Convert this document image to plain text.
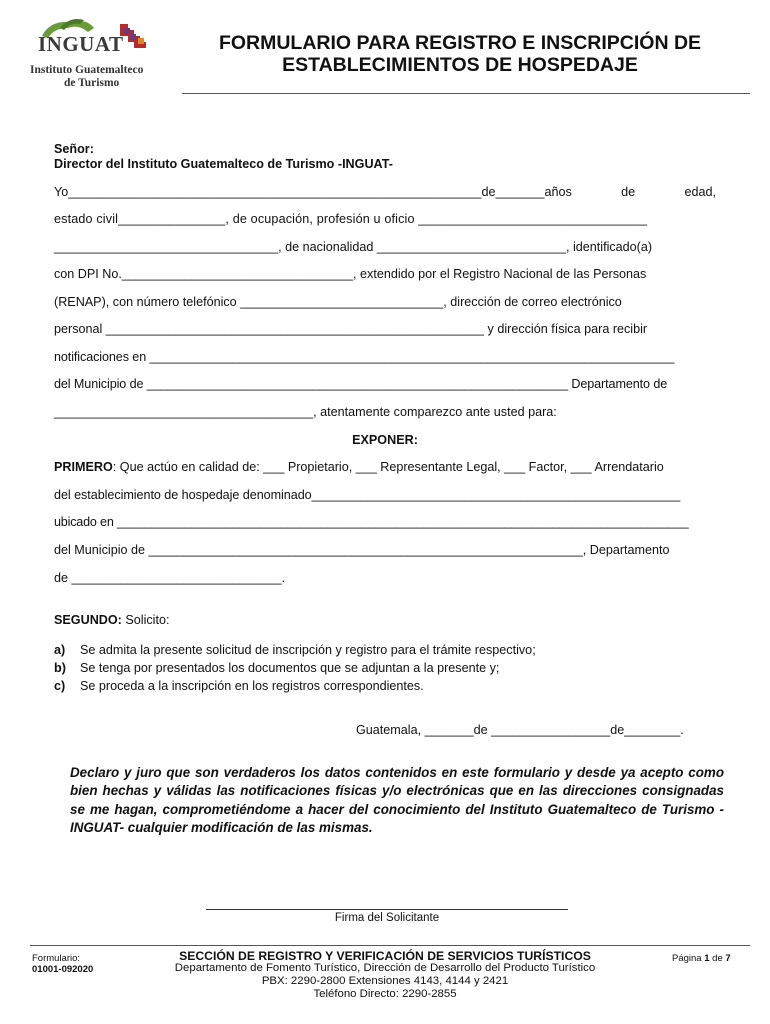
INGUAT
Instituto Guatemalteco
de Turismo
FORMULARIO PARA REGISTRO E INSCRIPCIÓN DE
ESTABLECIMIENTOS DE HOSPEDAJE
Señor:
Director del Instituto Guatemalteco de Turismo -INGUAT-
Yo___________________________________________________________de_______años	de	edad,
estado civil_______________, de ocupación, profesión u oficio ________________________________
________________________________, de nacionalidad ___________________________, identificado(a)
con DPI No._________________________________, extendido por el Registro Nacional de las Personas
(RENAP), con número telefónico _____________________________, dirección de correo electrónico
personal ______________________________________________________ y dirección física para recibir
notificaciones en ____________________________________________________________________________
del Municipio de _____________________________________________________________ Departamento de
_____________________________________, atentamente comparezco ante usted para:
EXPONER:
PRIMERO: Que actúo en calidad de: ___ Propietario, ___ Representante Legal, ___ Factor, ___ Arrendatario
del establecimiento de hospedaje denominado_____________________________________________________
ubicado en ____________________________________________________________________________________
del Municipio de ______________________________________________________________, Departamento
de ______________________________.
SEGUNDO: Solicito:
a) Se admita la presente solicitud de inscripción y registro para el trámite respectivo;
b) Se tenga por presentados los documentos que se adjuntan a la presente y;
c) Se proceda a la inscripción en los registros correspondientes.
Guatemala, _______de _________________de________.
Declaro y juro que son verdaderos los datos contenidos en este formulario y desde ya acepto como bien hechas y válidas las notificaciones físicas y/o electrónicas que en las direcciones consignadas se me hagan, comprometiéndome a hacer del conocimiento del Instituto Guatemalteco de Turismo -INGUAT- cualquier modificación de las mismas.
Firma del Solicitante
Formulario:
01001-092020
SECCIÓN DE REGISTRO Y VERIFICACIÓN DE SERVICIOS TURÍSTICOS
Departamento de Fomento Turístico, Dirección de Desarrollo del Producto Turístico
PBX: 2290-2800 Extensiones 4143, 4144 y 2421
Teléfono Directo: 2290-2855
Página 1 de 7
